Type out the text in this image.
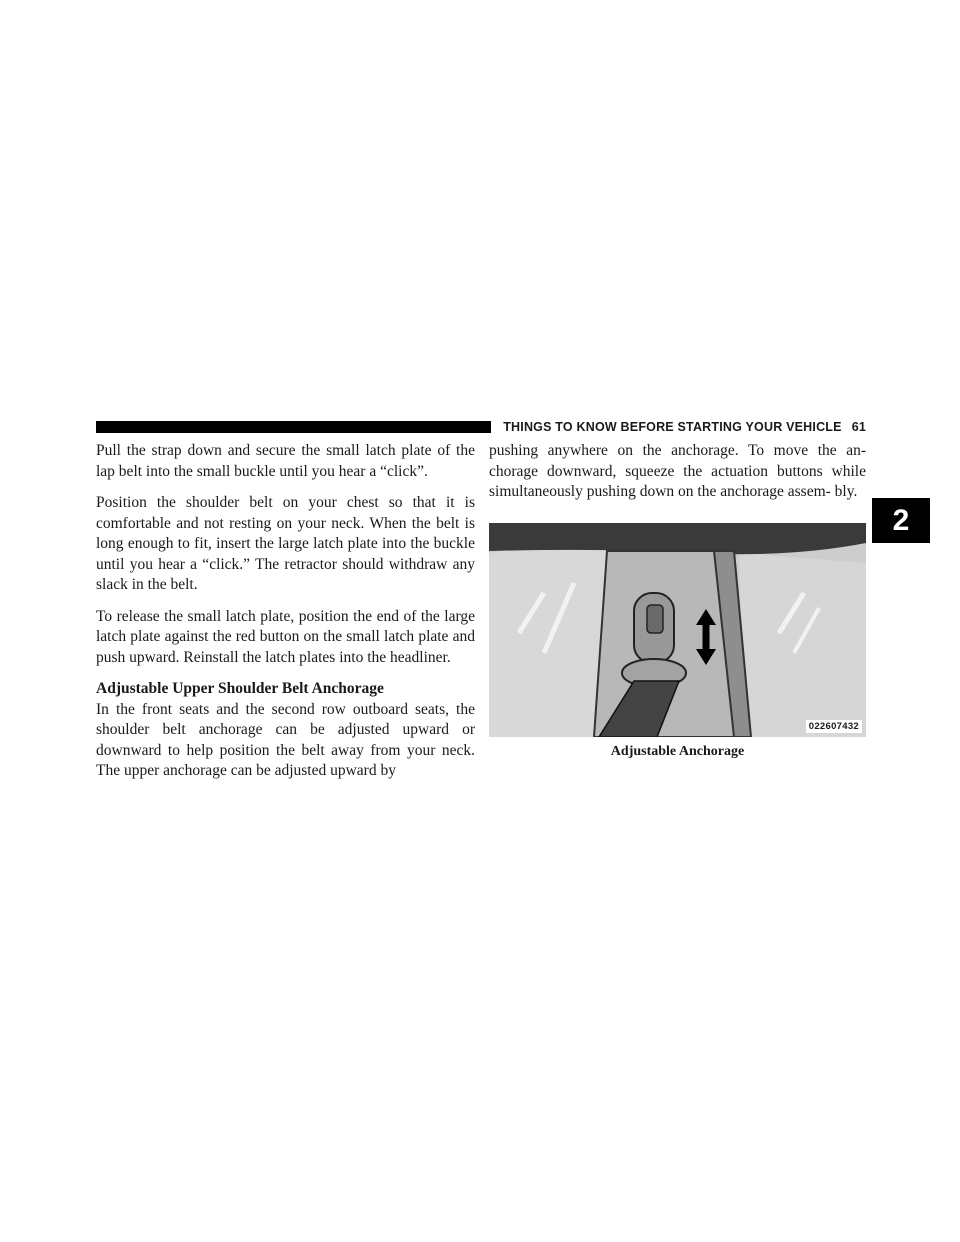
THINGS TO KNOW BEFORE STARTING YOUR VEHICLE 61
2

Pull the strap down and secure the small latch plate of the lap belt into the small buckle until you hear a “click”.

Position the shoulder belt on your chest so that it is comfortable and not resting on your neck. When the belt is long enough to fit, insert the large latch plate into the buckle until you hear a “click.” The retractor should withdraw any slack in the belt.

To release the small latch plate, position the end of the large latch plate against the red button on the small latch plate and push upward. Reinstall the latch plates into the headliner.

Adjustable Upper Shoulder Belt Anchorage

In the front seats and the second row outboard seats, the shoulder belt anchorage can be adjusted upward or downward to help position the belt away from your neck. The upper anchorage can be adjusted upward by

pushing anywhere on the anchorage. To move the an- chorage downward, squeeze the actuation buttons while simultaneously pushing down on the anchorage assem- bly.

022607432
Adjustable Anchorage
